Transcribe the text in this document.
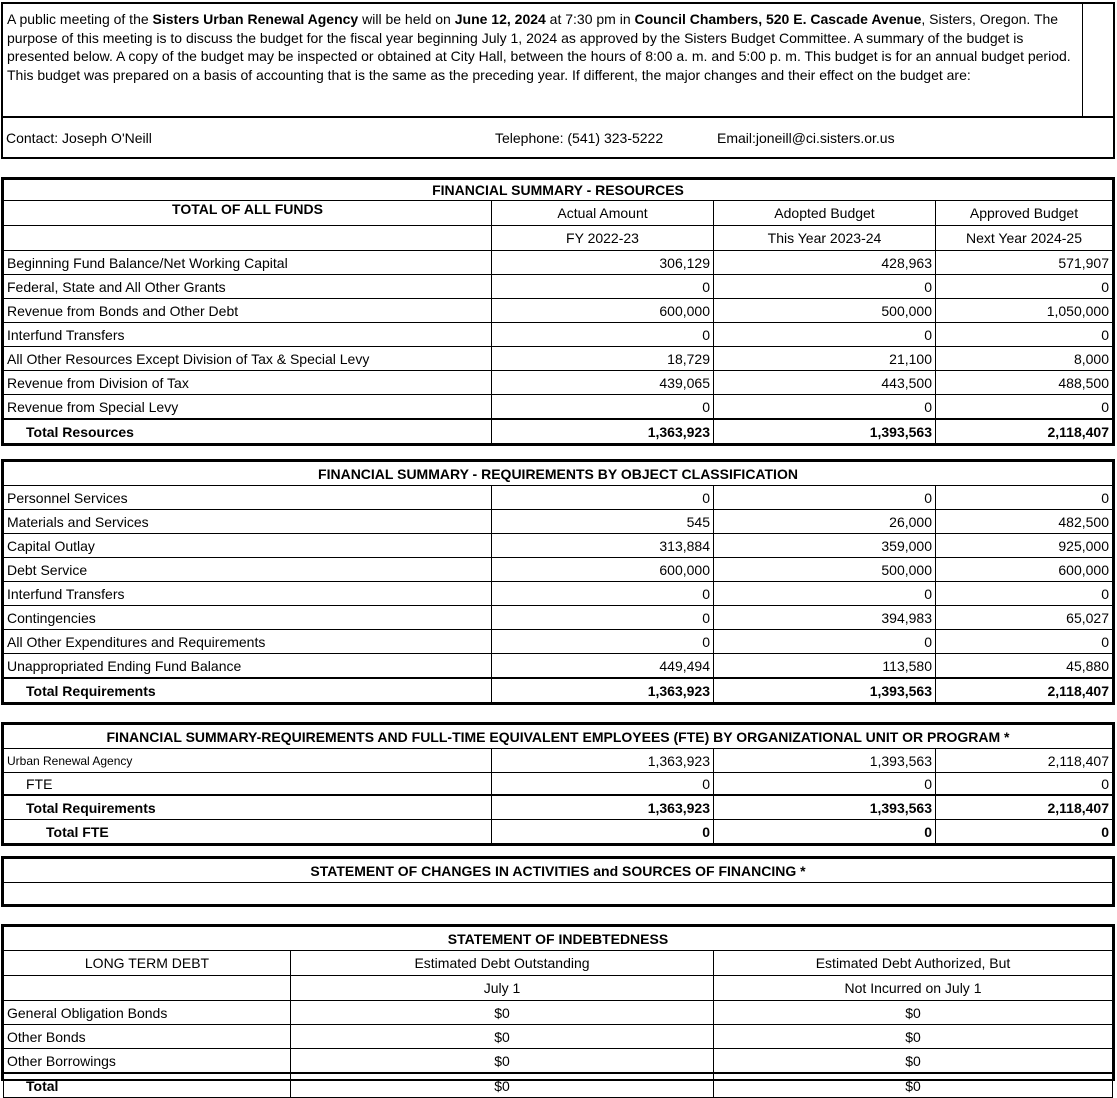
A public meeting of the Sisters Urban Renewal Agency will be held on June 12, 2024 at 7:30 pm in Council Chambers, 520 E. Cascade Avenue, Sisters, Oregon. The purpose of this meeting is to discuss the budget for the fiscal year beginning July 1, 2024 as approved by the Sisters Budget Committee. A summary of the budget is presented below. A copy of the budget may be inspected or obtained at City Hall, between the hours of 8:00 a. m. and 5:00 p. m. This budget is for an annual budget period. This budget was prepared on a basis of accounting that is the same as the preceding year. If different, the major changes and their effect on the budget are:
Contact: Joseph O'Neill	Telephone: (541) 323-5222	Email:joneill@ci.sisters.or.us
FINANCIAL SUMMARY - RESOURCES			
TOTAL OF ALL FUNDS	Actual Amount	Adopted Budget	Approved Budget
	FY 2022-23	This Year 2023-24	Next Year 2024-25
Beginning Fund Balance/Net Working Capital	306,129	428,963	571,907
Federal, State and All Other Grants	0	0	0
Revenue from Bonds and Other Debt	600,000	500,000	1,050,000
Interfund Transfers	0	0	0
All Other Resources Except Division of Tax & Special Levy	18,729	21,100	8,000
Revenue from Division of Tax	439,065	443,500	488,500
Revenue from Special Levy	0	0	0
Total Resources	1,363,923	1,393,563	2,118,407
FINANCIAL SUMMARY - REQUIREMENTS BY OBJECT CLASSIFICATION			
Personnel Services	0	0	0
Materials and Services	545	26,000	482,500
Capital Outlay	313,884	359,000	925,000
Debt Service	600,000	500,000	600,000
Interfund Transfers	0	0	0
Contingencies	0	394,983	65,027
All Other Expenditures and Requirements	0	0	0
Unappropriated Ending Fund Balance	449,494	113,580	45,880
Total Requirements	1,363,923	1,393,563	2,118,407
FINANCIAL SUMMARY-REQUIREMENTS AND FULL-TIME EQUIVALENT EMPLOYEES (FTE) BY ORGANIZATIONAL UNIT OR PROGRAM *			
Urban Renewal Agency	1,363,923	1,393,563	2,118,407
FTE	0	0	0
Total Requirements	1,363,923	1,393,563	2,118,407
Total FTE	0	0	0
STATEMENT OF CHANGES IN ACTIVITIES and SOURCES OF FINANCING *

STATEMENT OF INDEBTEDNESS		
LONG TERM DEBT	Estimated Debt Outstanding	Estimated Debt Authorized, But
	July 1	Not Incurred on July 1
General Obligation Bonds	$0	$0
Other Bonds	$0	$0
Other Borrowings	$0	$0
Total	$0	$0
